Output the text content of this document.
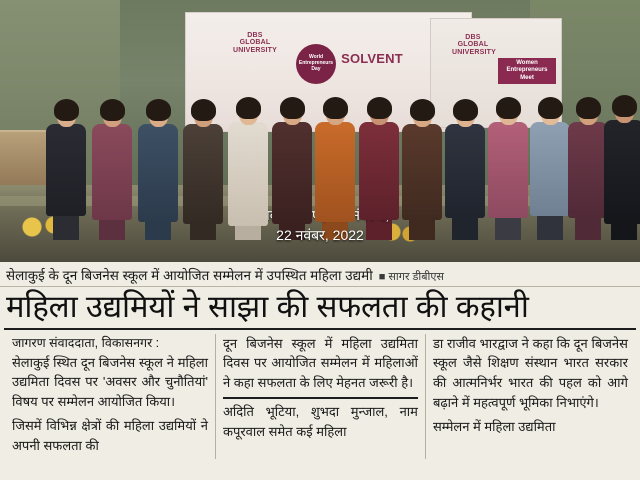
DBS GLOBAL UNIVERSITY
World Entrepreneurs Day
SOLVENT
DBS GLOBAL UNIVERSITY
Women Entrepreneurs Meet
22 नवंबर, 2022
सेलाकुई के दून बिजनेस स्कूल में आयोजित सम्मेलन में उपस्थित महिला उद्यमी ■ सागर डीबीएस
महिला उद्यमियों ने साझा की सफलता की कहानी
जागरण संवाददाता, विकासनगर :

सेलाकुई स्थित दून बिजनेस स्कूल ने महिला उद्यमिता दिवस पर 'अवसर और चुनौतियां' विषय पर सम्मेलन आयोजित किया।

जिसमें विभिन्न क्षेत्रों की महिला उद्यमियों ने अपनी सफलता की

दून बिजनेस स्कूल में महिला उद्यमिता दिवस पर आयोजित सम्मेलन में महिलाओं ने कहा सफलता के लिए मेहनत जरूरी है।

अदिति भूटिया, शुभदा मुन्जाल, नाम कपूरवाल समेत कई महिला

डा राजीव भारद्वाज ने कहा कि दून बिजनेस स्कूल जैसे शिक्षण संस्थान भारत सरकार की आत्मनिर्भर भारत की पहल को आगे बढ़ाने में महत्वपूर्ण भूमिका निभाएंगे।

सम्मेलन में महिला उद्यमिता
